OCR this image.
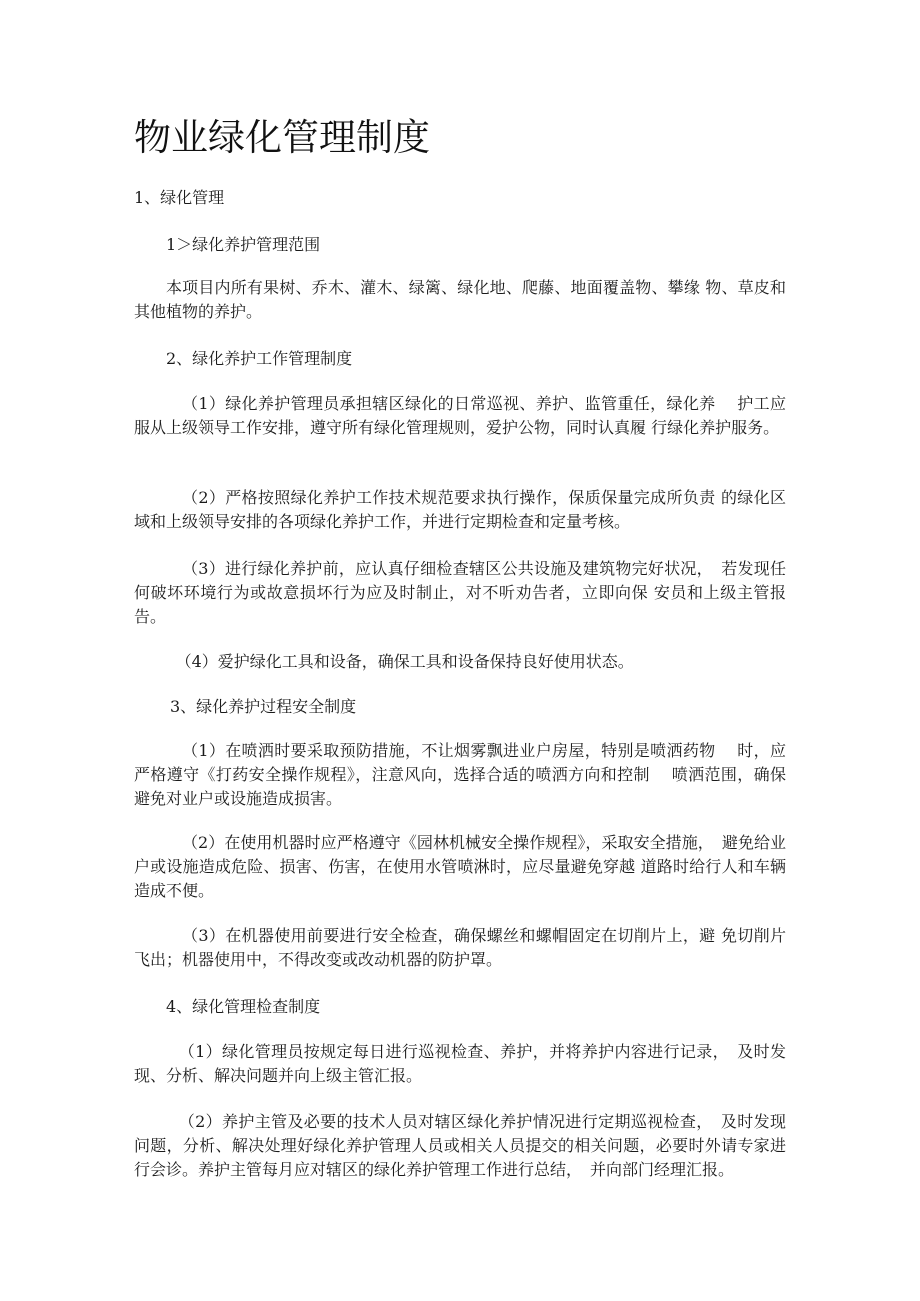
物业绿化管理制度
1、绿化管理
1＞绿化养护管理范围

本项目内所有果树、乔木、灌木、绿篱、绿化地、爬藤、地面覆盖物、攀缘 物、草皮和其他植物的养护。

2、绿化养护工作管理制度

（1）绿化养护管理员承担辖区绿化的日常巡视、养护、监管重任，绿化养　 护工应服从上级领导工作安排，遵守所有绿化管理规则，爱护公物，同时认真履 行绿化养护服务。

（2）严格按照绿化养护工作技术规范要求执行操作，保质保量完成所负责 的绿化区域和上级领导安排的各项绿化养护工作，并进行定期检查和定量考核。

（3）进行绿化养护前，应认真仔细检查辖区公共设施及建筑物完好状况，　若发现任何破坏环境行为或故意损坏行为应及时制止，对不听劝告者，立即向保 安员和上级主管报告。

（4）爱护绿化工具和设备，确保工具和设备保持良好使用状态。

3、绿化养护过程安全制度

（1）在喷洒时要采取预防措施，不让烟雾飘进业户房屋，特别是喷洒药物　 时，应严格遵守《打药安全操作规程》，注意风向，选择合适的喷洒方向和控制　 喷洒范围，确保避免对业户或设施造成损害。

（2）在使用机器时应严格遵守《园林机械安全操作规程》，采取安全措施，　避免给业户或设施造成危险、损害、伤害，在使用水管喷淋时，应尽量避免穿越 道路时给行人和车辆造成不便。

（3）在机器使用前要进行安全检查，确保螺丝和螺帽固定在切削片上，避 免切削片飞出；机器使用中，不得改变或改动机器的防护罩。

4、绿化管理检查制度

（1）绿化管理员按规定每日进行巡视检查、养护，并将养护内容进行记录，　及时发现、分析、解决问题并向上级主管汇报。

（2）养护主管及必要的技术人员对辖区绿化养护情况进行定期巡视检查，　及时发现问题，分析、解决处理好绿化养护管理人员或相关人员提交的相关问题，必要时外请专家进行会诊。养护主管每月应对辖区的绿化养护管理工作进行总结，　并向部门经理汇报。
